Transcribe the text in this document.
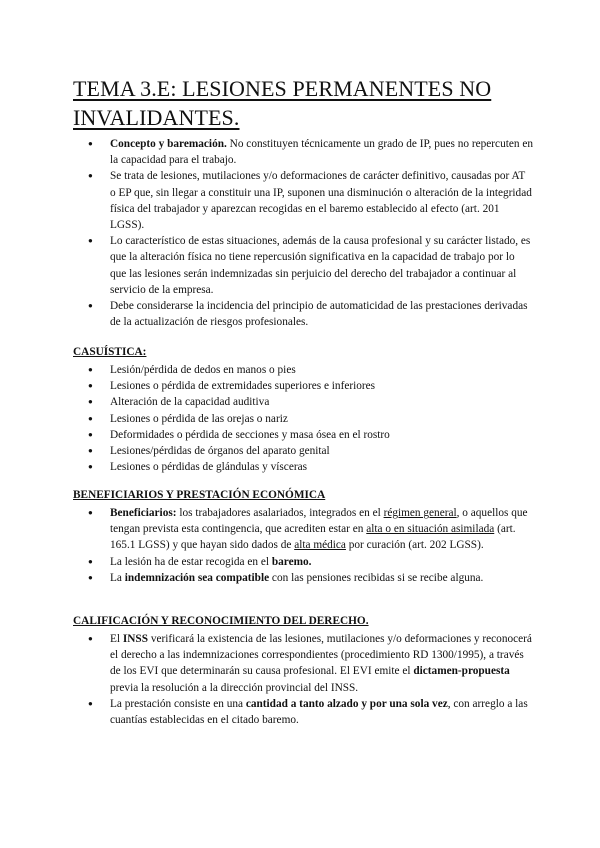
TEMA 3.E: LESIONES PERMANENTES NO INVALIDANTES.
● Concepto y baremación. No constituyen técnicamente un grado de IP, pues no repercuten en la capacidad para el trabajo.
● Se trata de lesiones, mutilaciones y/o deformaciones de carácter definitivo, causadas por AT o EP que, sin llegar a constituir una IP, suponen una disminución o alteración de la integridad física del trabajador y aparezcan recogidas en el baremo establecido al efecto (art. 201 LGSS).
● Lo característico de estas situaciones, además de la causa profesional y su carácter listado, es que la alteración física no tiene repercusión significativa en la capacidad de trabajo por lo que las lesiones serán indemnizadas sin perjuicio del derecho del trabajador a continuar al servicio de la empresa.
● Debe considerarse la incidencia del principio de automaticidad de las prestaciones derivadas de la actualización de riesgos profesionales.
CASUÍSTICA:
● Lesión/pérdida de dedos en manos o pies
● Lesiones o pérdida de extremidades superiores e inferiores
● Alteración de la capacidad auditiva
● Lesiones o pérdida de las orejas o nariz
● Deformidades o pérdida de secciones y masa ósea en el rostro
● Lesiones/pérdidas de órganos del aparato genital
● Lesiones o pérdidas de glándulas y vísceras
BENEFICIARIOS Y PRESTACIÓN ECONÓMICA
● Beneficiarios: los trabajadores asalariados, integrados en el régimen general, o aquellos que tengan prevista esta contingencia, que acrediten estar en alta o en situación asimilada (art. 165.1 LGSS) y que hayan sido dados de alta médica por curación (art. 202 LGSS).
● La lesión ha de estar recogida en el baremo.
● La indemnización sea compatible con las pensiones recibidas si se recibe alguna.
CALIFICACIÓN Y RECONOCIMIENTO DEL DERECHO.
● El INSS verificará la existencia de las lesiones, mutilaciones y/o deformaciones y reconocerá el derecho a las indemnizaciones correspondientes (procedimiento RD 1300/1995), a través de los EVI que determinarán su causa profesional. El EVI emite el dictamen-propuesta previa la resolución a la dirección provincial del INSS.
● La prestación consiste en una cantidad a tanto alzado y por una sola vez, con arreglo a las cuantías establecidas en el citado baremo.
